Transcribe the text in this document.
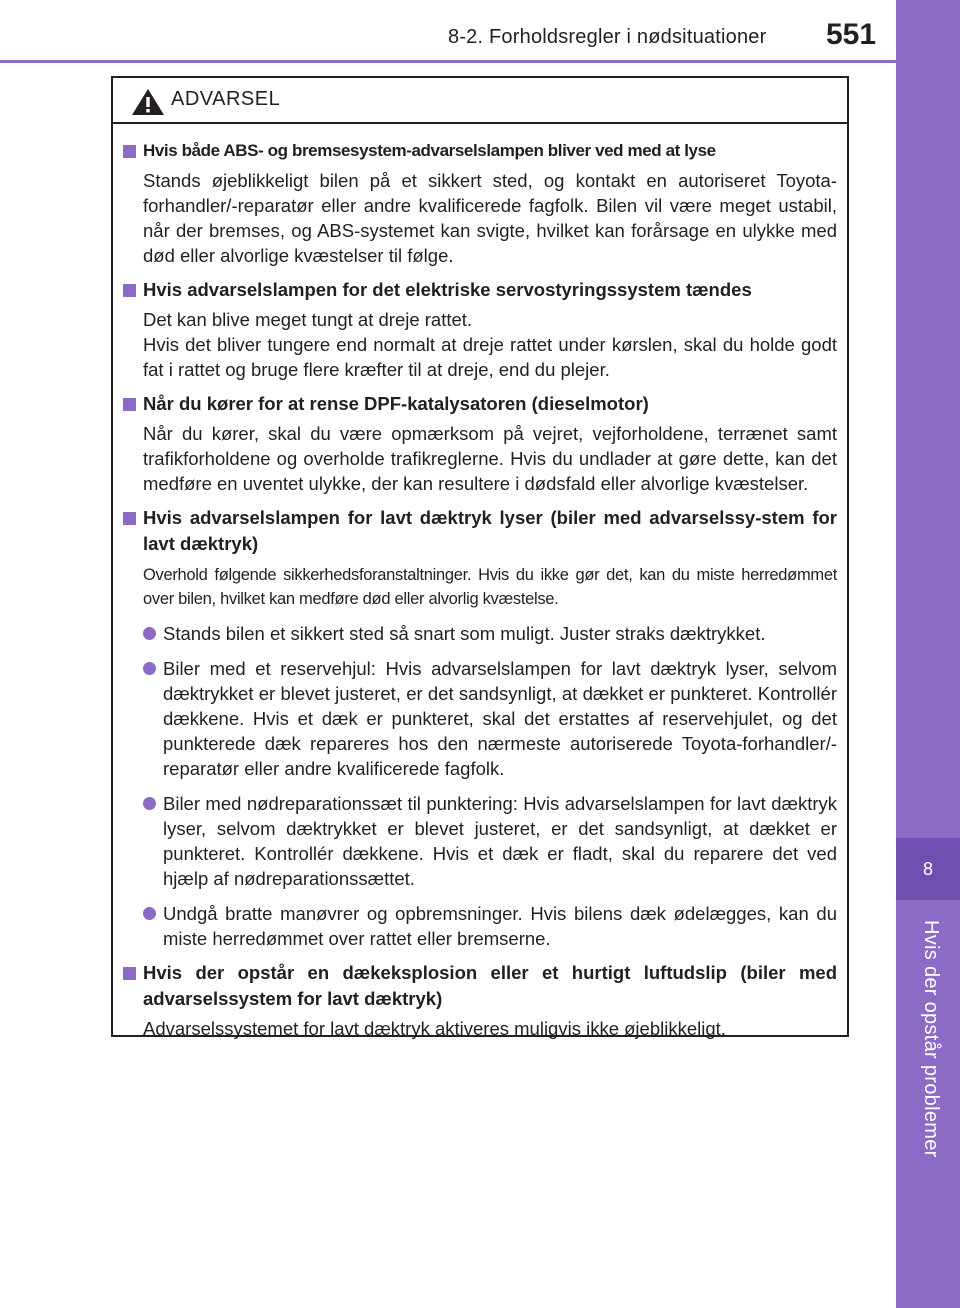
8-2. Forholdsregler i nødsituationer 551
8
Hvis der opstår problemer
ADVARSEL
Hvis både ABS- og bremsesystem-advarselslampen bliver ved med at lyse

Stands øjeblikkeligt bilen på et sikkert sted, og kontakt en autoriseret Toyota-forhandler/-reparatør eller andre kvalificerede fagfolk. Bilen vil være meget ustabil, når der bremses, og ABS-systemet kan svigte, hvilket kan forårsage en ulykke med død eller alvorlige kvæstelser til følge.

Hvis advarselslampen for det elektriske servostyringssystem tændes

Det kan blive meget tungt at dreje rattet.

Hvis det bliver tungere end normalt at dreje rattet under kørslen, skal du holde godt fat i rattet og bruge flere kræfter til at dreje, end du plejer.

Når du kører for at rense DPF-katalysatoren (dieselmotor)

Når du kører, skal du være opmærksom på vejret, vejforholdene, terrænet samt trafikforholdene og overholde trafikreglerne. Hvis du undlader at gøre dette, kan det medføre en uventet ulykke, der kan resultere i dødsfald eller alvorlige kvæstelser.

Hvis advarselslampen for lavt dæktryk lyser (biler med advarselssy-stem for lavt dæktryk)

Overhold følgende sikkerhedsforanstaltninger. Hvis du ikke gør det, kan du miste herredømmet over bilen, hvilket kan medføre død eller alvorlig kvæstelse.

Stands bilen et sikkert sted så snart som muligt. Juster straks dæktrykket.
Biler med et reservehjul: Hvis advarselslampen for lavt dæktryk lyser, selvom dæktrykket er blevet justeret, er det sandsynligt, at dækket er punkteret. Kontrollér dækkene. Hvis et dæk er punkteret, skal det erstattes af reservehjulet, og det punkterede dæk repareres hos den nærmeste autoriserede Toyota-forhandler/-reparatør eller andre kvalificerede fagfolk.
Biler med nødreparationssæt til punktering: Hvis advarselslampen for lavt dæktryk lyser, selvom dæktrykket er blevet justeret, er det sandsynligt, at dækket er punkteret. Kontrollér dækkene. Hvis et dæk er fladt, skal du reparere det ved hjælp af nødreparationssættet.
Undgå bratte manøvrer og opbremsninger. Hvis bilens dæk ødelægges, kan du miste herredømmet over rattet eller bremserne.
Hvis der opstår en dækeksplosion eller et hurtigt luftudslip (biler med advarselssystem for lavt dæktryk)

Advarselssystemet for lavt dæktryk aktiveres muligvis ikke øjeblikkeligt.
